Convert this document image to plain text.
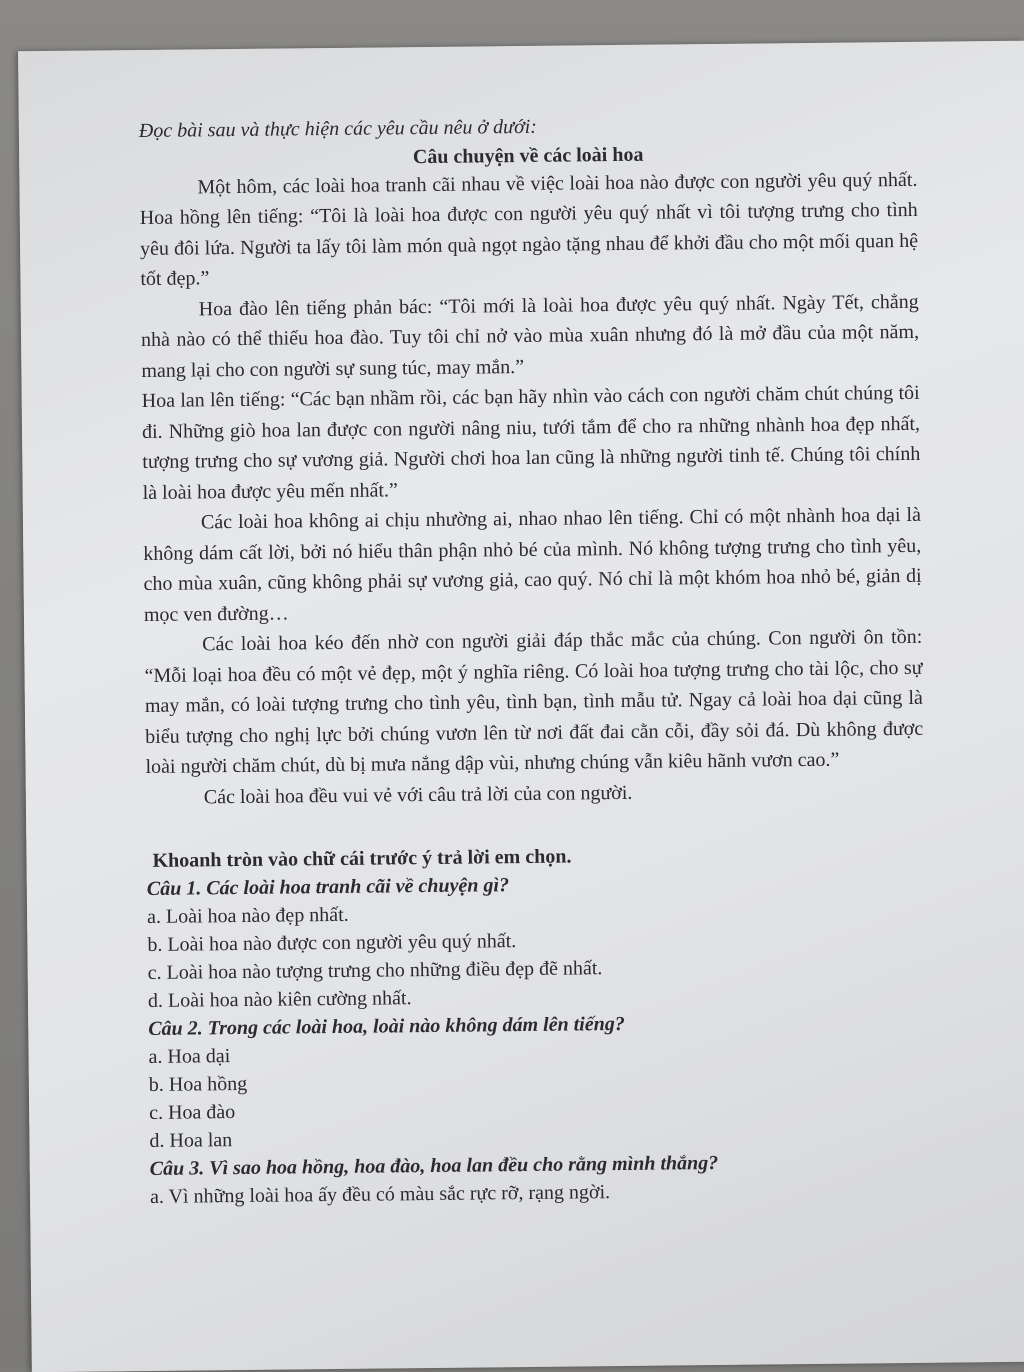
Đọc bài sau và thực hiện các yêu cầu nêu ở dưới:

Câu chuyện về các loài hoa

Một hôm, các loài hoa tranh cãi nhau về việc loài hoa nào được con người yêu quý nhất. Hoa hồng lên tiếng: “Tôi là loài hoa được con người yêu quý nhất vì tôi tượng trưng cho tình yêu đôi lứa. Người ta lấy tôi làm món quà ngọt ngào tặng nhau để khởi đầu cho một mối quan hệ tốt đẹp.”

Hoa đào lên tiếng phản bác: “Tôi mới là loài hoa được yêu quý nhất. Ngày Tết, chẳng nhà nào có thể thiếu hoa đào. Tuy tôi chỉ nở vào mùa xuân nhưng đó là mở đầu của một năm, mang lại cho con người sự sung túc, may mắn.”

Hoa lan lên tiếng: “Các bạn nhầm rồi, các bạn hãy nhìn vào cách con người chăm chút chúng tôi đi. Những giò hoa lan được con người nâng niu, tưới tắm để cho ra những nhành hoa đẹp nhất, tượng trưng cho sự vương giả. Người chơi hoa lan cũng là những người tinh tế. Chúng tôi chính là loài hoa được yêu mến nhất.”

Các loài hoa không ai chịu nhường ai, nhao nhao lên tiếng. Chỉ có một nhành hoa dại là không dám cất lời, bởi nó hiểu thân phận nhỏ bé của mình. Nó không tượng trưng cho tình yêu, cho mùa xuân, cũng không phải sự vương giả, cao quý. Nó chỉ là một khóm hoa nhỏ bé, giản dị mọc ven đường…

Các loài hoa kéo đến nhờ con người giải đáp thắc mắc của chúng. Con người ôn tồn: “Mỗi loại hoa đều có một vẻ đẹp, một ý nghĩa riêng. Có loài hoa tượng trưng cho tài lộc, cho sự may mắn, có loài tượng trưng cho tình yêu, tình bạn, tình mẫu tử. Ngay cả loài hoa dại cũng là biểu tượng cho nghị lực bởi chúng vươn lên từ nơi đất đai cằn cỗi, đầy sỏi đá. Dù không được loài người chăm chút, dù bị mưa nắng dập vùi, nhưng chúng vẫn kiêu hãnh vươn cao.”

Các loài hoa đều vui vẻ với câu trả lời của con người.

Khoanh tròn vào chữ cái trước ý trả lời em chọn.

Câu 1. Các loài hoa tranh cãi về chuyện gì?

a. Loài hoa nào đẹp nhất.

b. Loài hoa nào được con người yêu quý nhất.

c. Loài hoa nào tượng trưng cho những điều đẹp đẽ nhất.

d. Loài hoa nào kiên cường nhất.

Câu 2. Trong các loài hoa, loài nào không dám lên tiếng?

a. Hoa dại

b. Hoa hồng

c. Hoa đào

d. Hoa lan

Câu 3. Vì sao hoa hồng, hoa đào, hoa lan đều cho rằng mình thắng?

a. Vì những loài hoa ấy đều có màu sắc rực rỡ, rạng ngời.
